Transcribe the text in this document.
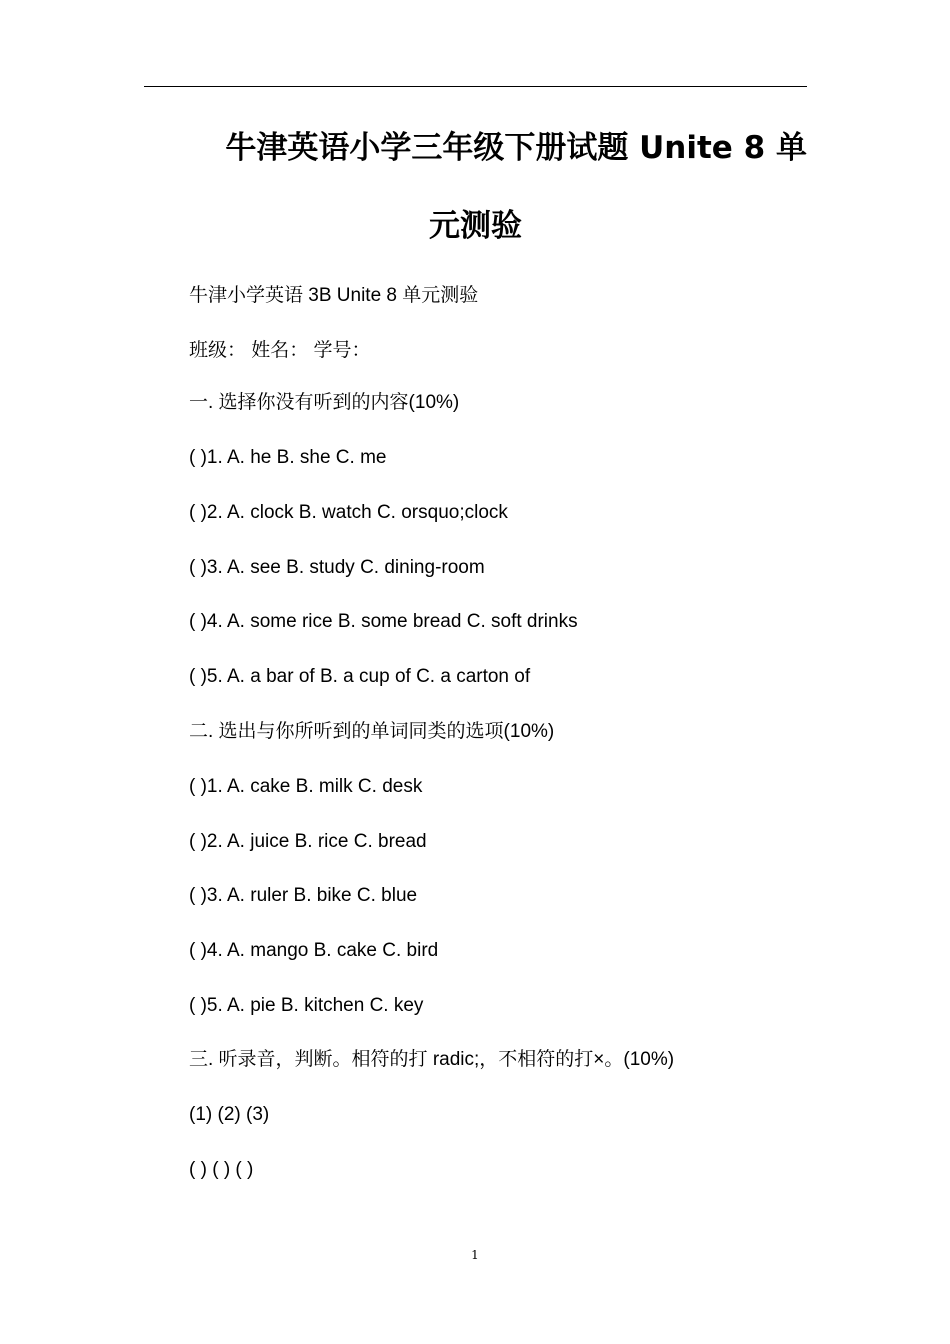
牛津英语小学三年级下册试题 Unite 8 单
元测验
牛津小学英语 3B Unite 8 单元测验
班级： 姓名： 学号：
一. 选择你没有听到的内容(10%)
( )1. A. he B. she C. me
( )2. A. clock B. watch C. orsquo;clock
( )3. A. see B. study C. dining-room
( )4. A. some rice B. some bread C. soft drinks
( )5. A. a bar of B. a cup of C. a carton of
二. 选出与你所听到的单词同类的选项(10%)
( )1. A. cake B. milk C. desk
( )2. A. juice B. rice C. bread
( )3. A. ruler B. bike C. blue
( )4. A. mango B. cake C. bird
( )5. A. pie B. kitchen C. key
三. 听录音，判断。相符的打 radic;，不相符的打×。(10%)
(1) (2) (3)
( ) ( ) ( )
1
